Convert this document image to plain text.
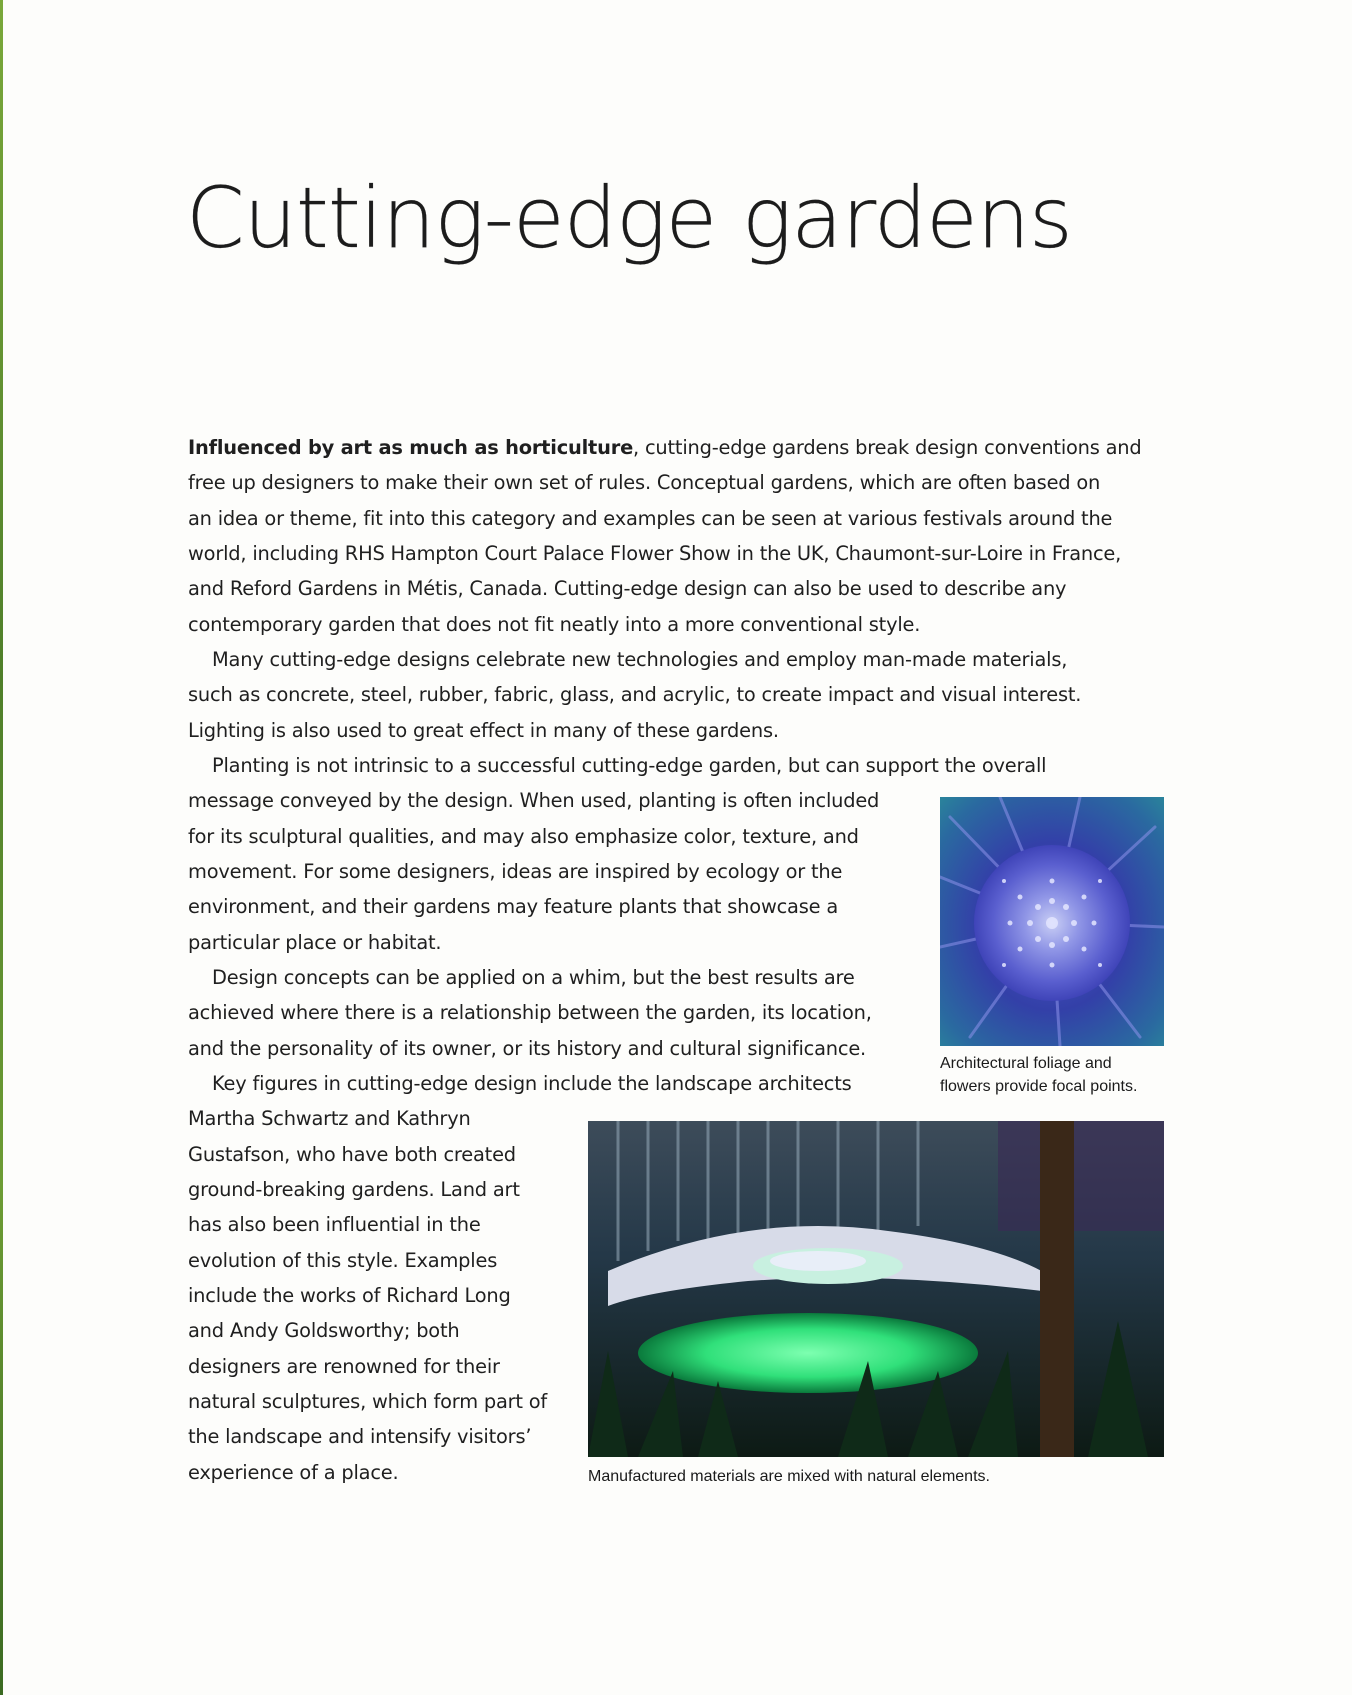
Cutting-edge gardens

Influenced by art as much as horticulture, cutting-edge gardens break design conventions and

free up designers to make their own set of rules. Conceptual gardens, which are often based on

an idea or theme, fit into this category and examples can be seen at various festivals around the

world, including RHS Hampton Court Palace Flower Show in the UK, Chaumont-sur-Loire in France,

and Reford Gardens in Métis, Canada. Cutting-edge design can also be used to describe any

contemporary garden that does not fit neatly into a more conventional style.

Many cutting-edge designs celebrate new technologies and employ man-made materials,

such as concrete, steel, rubber, fabric, glass, and acrylic, to create impact and visual interest.

Lighting is also used to great effect in many of these gardens.

Planting is not intrinsic to a successful cutting-edge garden, but can support the overall

message conveyed by the design. When used, planting is often included

for its sculptural qualities, and may also emphasize color, texture, and

movement. For some designers, ideas are inspired by ecology or the

environment, and their gardens may feature plants that showcase a

particular place or habitat.

Design concepts can be applied on a whim, but the best results are

achieved where there is a relationship between the garden, its location,

and the personality of its owner, or its history and cultural significance.

Key figures in cutting-edge design include the landscape architects

Martha Schwartz and Kathryn

Gustafson, who have both created

ground-breaking gardens. Land art

has also been influential in the

evolution of this style. Examples

include the works of Richard Long

and Andy Goldsworthy; both

designers are renowned for their

natural sculptures, which form part of

the landscape and intensify visitors’

experience of a place.

Architectural foliage and
flowers provide focal points.

Manufactured materials are mixed with natural elements.
